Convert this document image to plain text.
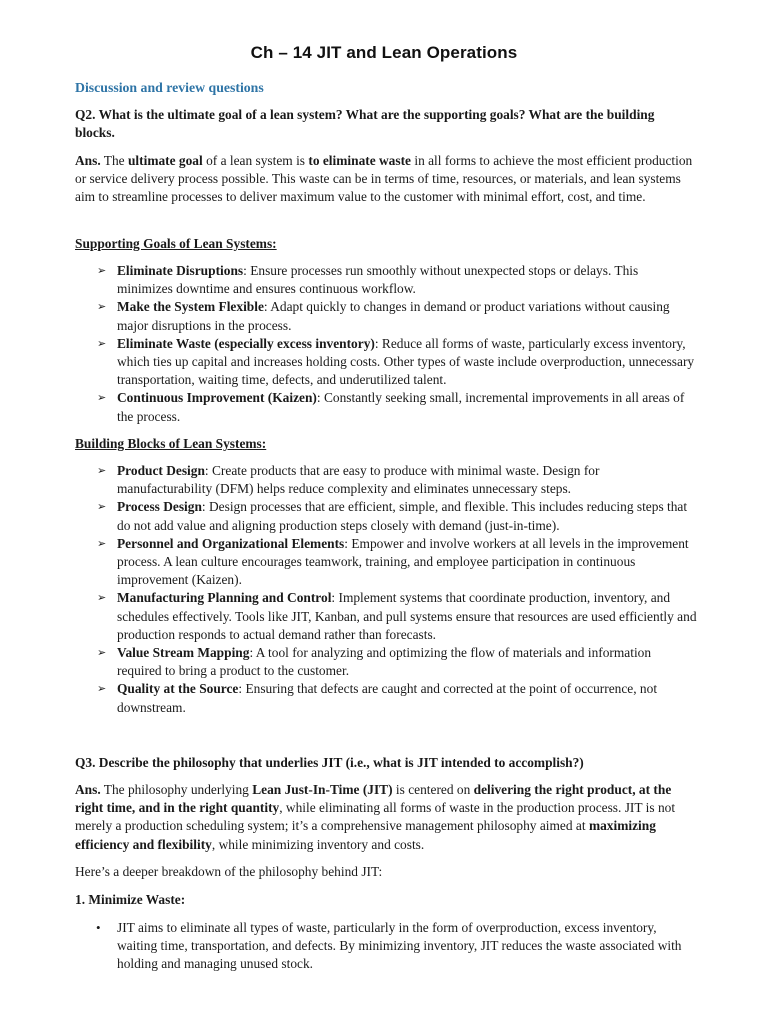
Ch – 14 JIT and Lean Operations
Discussion and review questions

Q2. What is the ultimate goal of a lean system? What are the supporting goals? What are the building blocks.

Ans. The ultimate goal of a lean system is to eliminate waste in all forms to achieve the most efficient production or service delivery process possible. This waste can be in terms of time, resources, or materials, and lean systems aim to streamline processes to deliver maximum value to the customer with minimal effort, cost, and time.

Supporting Goals of Lean Systems:

➢ Eliminate Disruptions: Ensure processes run smoothly without unexpected stops or delays. This minimizes downtime and ensures continuous workflow.
➢ Make the System Flexible: Adapt quickly to changes in demand or product variations without causing major disruptions in the process.
➢ Eliminate Waste (especially excess inventory): Reduce all forms of waste, particularly excess inventory, which ties up capital and increases holding costs. Other types of waste include overproduction, unnecessary transportation, waiting time, defects, and underutilized talent.
➢ Continuous Improvement (Kaizen): Constantly seeking small, incremental improvements in all areas of the process.

Building Blocks of Lean Systems:

➢ Product Design: Create products that are easy to produce with minimal waste. Design for manufacturability (DFM) helps reduce complexity and eliminates unnecessary steps.
➢ Process Design: Design processes that are efficient, simple, and flexible. This includes reducing steps that do not add value and aligning production steps closely with demand (just-in-time).
➢ Personnel and Organizational Elements: Empower and involve workers at all levels in the improvement process. A lean culture encourages teamwork, training, and employee participation in continuous improvement (Kaizen).
➢ Manufacturing Planning and Control: Implement systems that coordinate production, inventory, and schedules effectively. Tools like JIT, Kanban, and pull systems ensure that resources are used efficiently and production responds to actual demand rather than forecasts.
➢ Value Stream Mapping: A tool for analyzing and optimizing the flow of materials and information required to bring a product to the customer.
➢ Quality at the Source: Ensuring that defects are caught and corrected at the point of occurrence, not downstream.

Q3. Describe the philosophy that underlies JIT (i.e., what is JIT intended to accomplish?)

Ans. The philosophy underlying Lean Just-In-Time (JIT) is centered on delivering the right product, at the right time, and in the right quantity, while eliminating all forms of waste in the production process. JIT is not merely a production scheduling system; it’s a comprehensive management philosophy aimed at maximizing efficiency and flexibility, while minimizing inventory and costs.

Here’s a deeper breakdown of the philosophy behind JIT:

1. Minimize Waste:

• JIT aims to eliminate all types of waste, particularly in the form of overproduction, excess inventory, waiting time, transportation, and defects. By minimizing inventory, JIT reduces the waste associated with holding and managing unused stock.
